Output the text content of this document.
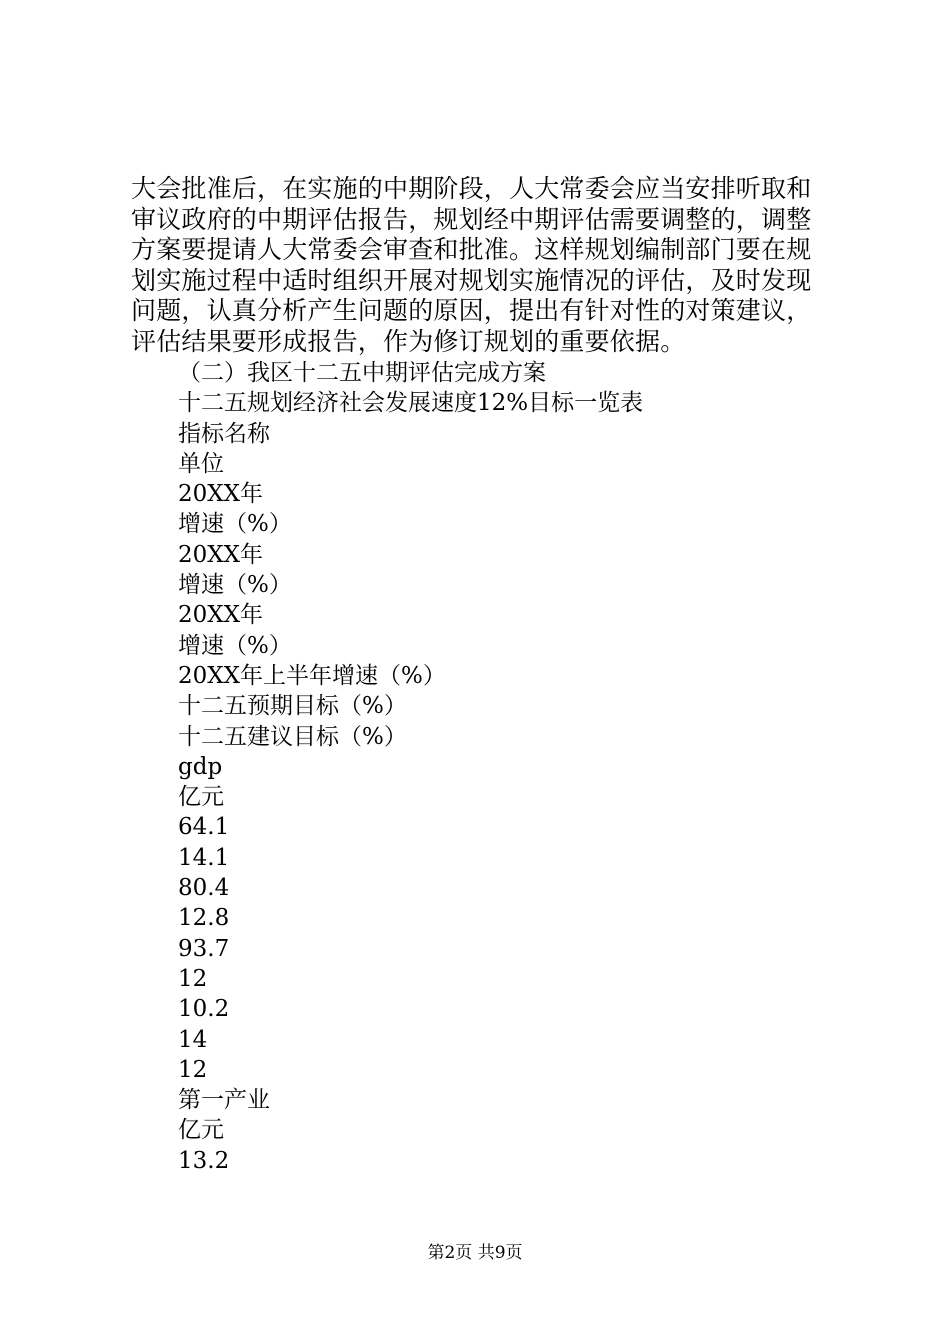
大会批准后，在实施的中期阶段，人大常委会应当安排听取和
审议政府的中期评估报告，规划经中期评估需要调整的，调整
方案要提请人大常委会审查和批准。这样规划编制部门要在规
划实施过程中适时组织开展对规划实施情况的评估，及时发现
问题，认真分析产生问题的原因，提出有针对性的对策建议，
评估结果要形成报告，作为修订规划的重要依据。
（二）我区十二五中期评估完成方案
十二五规划经济社会发展速度12%目标一览表
指标名称
单位
20XX年
增速（%）
20XX年
增速（%）
20XX年
增速（%）
20XX年上半年增速（%）
十二五预期目标（%）
十二五建议目标（%）
gdp
亿元
64.1
14.1
80.4
12.8
93.7
12
10.2
14
12
第一产业
亿元
13.2
第2页 共9页
